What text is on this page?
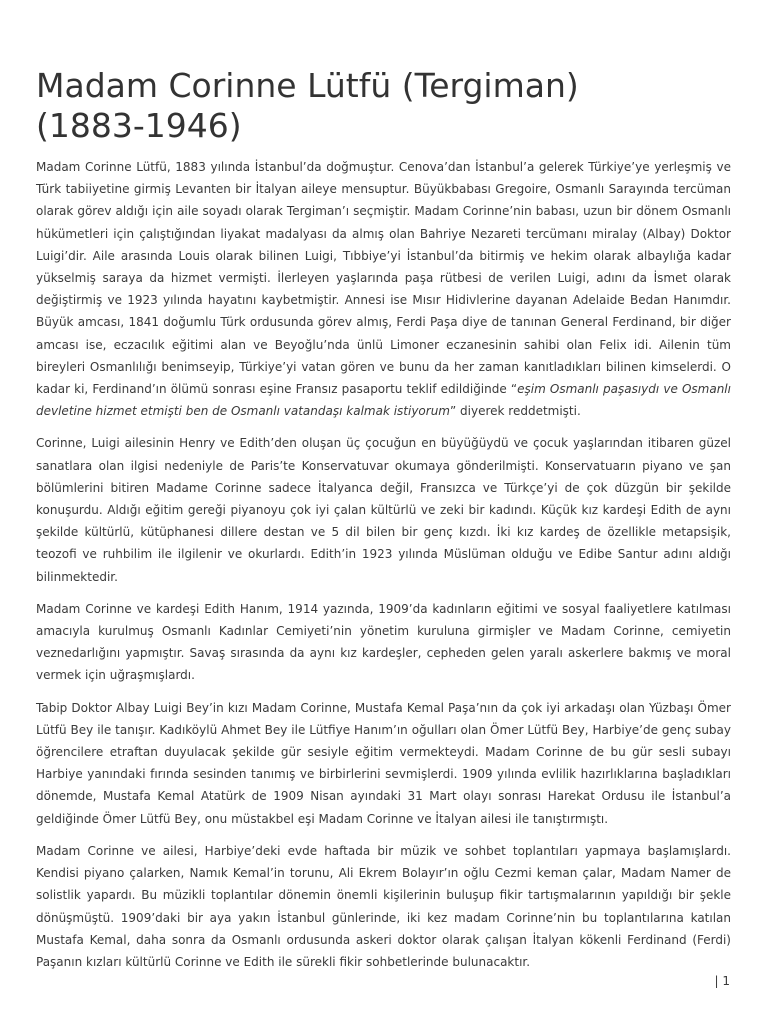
Madam Corinne Lütfü (Tergiman)
(1883-1946)

Madam Corinne Lütfü, 1883 yılında İstanbul’da doğmuştur. Cenova’dan İstanbul’a gelerek Türkiye’ye yerleşmiş ve Türk tabiiyetine girmiş Levanten bir İtalyan aileye mensuptur. Büyükbabası Gregoire, Osmanlı Sarayında tercüman olarak görev aldığı için aile soyadı olarak Tergiman’ı seçmiştir. Madam Corinne’nin babası, uzun bir dönem Osmanlı hükümetleri için çalıştığından liyakat madalyası da almış olan Bahriye Nezareti tercümanı miralay (Albay) Doktor Luigi’dir. Aile arasında Louis olarak bilinen Luigi, Tıbbiye’yi İstanbul’da bitirmiş ve hekim olarak albaylığa kadar yükselmiş saraya da hizmet vermişti. İlerleyen yaşlarında paşa rütbesi de verilen Luigi, adını da İsmet olarak değiştirmiş ve 1923 yılında hayatını kaybetmiştir. Annesi ise Mısır Hidivlerine dayanan Adelaide Bedan Hanımdır. Büyük amcası, 1841 doğumlu Türk ordusunda görev almış, Ferdi Paşa diye de tanınan General Ferdinand, bir diğer amcası ise, eczacılık eğitimi alan ve Beyoğlu’nda ünlü Limoner eczanesinin sahibi olan Felix idi. Ailenin tüm bireyleri Osmanlılığı benimseyip, Türkiye’yi vatan gören ve bunu da her zaman kanıtladıkları bilinen kimselerdi. O kadar ki, Ferdinand’ın ölümü sonrası eşine Fransız pasaportu teklif edildiğinde “eşim Osmanlı paşasıydı ve Osmanlı devletine hizmet etmişti ben de Osmanlı vatandaşı kalmak istiyorum” diyerek reddetmişti.

Corinne, Luigi ailesinin Henry ve Edith’den oluşan üç çocuğun en büyüğüydü ve çocuk yaşlarından itibaren güzel sanatlara olan ilgisi nedeniyle de Paris’te Konservatuvar okumaya gönderilmişti. Konservatuarın piyano ve şan bölümlerini bitiren Madame Corinne sadece İtalyanca değil, Fransızca ve Türkçe’yi de çok düzgün bir şekilde konuşurdu. Aldığı eğitim gereği piyanoyu çok iyi çalan kültürlü ve zeki bir kadındı. Küçük kız kardeşi Edith de aynı şekilde kültürlü, kütüphanesi dillere destan ve 5 dil bilen bir genç kızdı. İki kız kardeş de özellikle metapsişik, teozofi ve ruhbilim ile ilgilenir ve okurlardı. Edith’in 1923 yılında Müslüman olduğu ve Edibe Santur adını aldığı bilinmektedir.

Madam Corinne ve kardeşi Edith Hanım, 1914 yazında, 1909’da kadınların eğitimi ve sosyal faaliyetlere katılması amacıyla kurulmuş Osmanlı Kadınlar Cemiyeti’nin yönetim kuruluna girmişler ve Madam Corinne, cemiyetin veznedarlığını yapmıştır. Savaş sırasında da aynı kız kardeşler, cepheden gelen yaralı askerlere bakmış ve moral vermek için uğraşmışlardı.

Tabip Doktor Albay Luigi Bey’in kızı Madam Corinne, Mustafa Kemal Paşa’nın da çok iyi arkadaşı olan Yüzbaşı Ömer Lütfü Bey ile tanışır. Kadıköylü Ahmet Bey ile Lütfiye Hanım’ın oğulları olan Ömer Lütfü Bey, Harbiye’de genç subay öğrencilere etraftan duyulacak şekilde gür sesiyle eğitim vermekteydi. Madam Corinne de bu gür sesli subayı Harbiye yanındaki fırında sesinden tanımış ve birbirlerini sevmişlerdi. 1909 yılında evlilik hazırlıklarına başladıkları dönemde, Mustafa Kemal Atatürk de 1909 Nisan ayındaki 31 Mart olayı sonrası Harekat Ordusu ile İstanbul’a geldiğinde Ömer Lütfü Bey, onu müstakbel eşi Madam Corinne ve İtalyan ailesi ile tanıştırmıştı.

Madam Corinne ve ailesi, Harbiye’deki evde haftada bir müzik ve sohbet toplantıları yapmaya başlamışlardı. Kendisi piyano çalarken, Namık Kemal’in torunu, Ali Ekrem Bolayır’ın oğlu Cezmi keman çalar, Madam Namer de solistlik yapardı. Bu müzikli toplantılar dönemin önemli kişilerinin buluşup fikir tartışmalarının yapıldığı bir şekle dönüşmüştü. 1909’daki bir aya yakın İstanbul günlerinde, iki kez madam Corinne’nin bu toplantılarına katılan Mustafa Kemal, daha sonra da Osmanlı ordusunda askeri doktor olarak çalışan İtalyan kökenli Ferdinand (Ferdi) Paşanın kızları kültürlü Corinne ve Edith ile sürekli fikir sohbetlerinde bulunacaktır.

| 1
